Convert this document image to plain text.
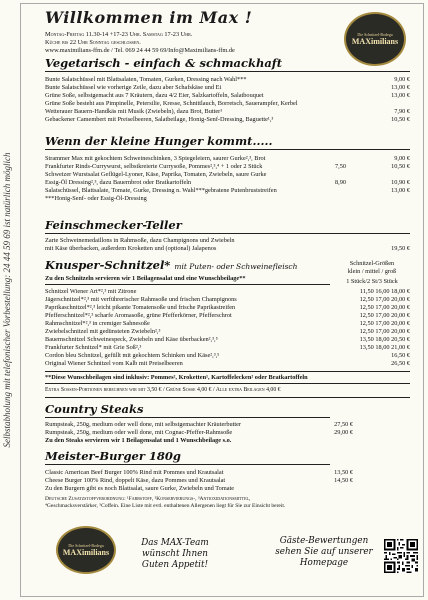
Selbstabholung mit telefonischer Vorbestellung: 24 44 59 69 ist natürlich möglich
Willkommen im Max !
Montag-Freitag 11.30-14 +17-23 Uhr. Samstag 17-23 Uhr.
Küche bis 22 Uhr Sonntag geschlossen.
www.maximilians-ffm.de / Tel. 069 24 44 59 69/Info@Maximilians-ffm.de
Die Schnitzel-Bodega
MAXimilians
Vegetarisch - einfach & schmackhaft
Bunte Salatschüssel mit Blattsalaten, Tomaten, Gurken, Dressing nach Wahl***	9,00 €
Bunte Salatschüssel wie vorherige Zeile, dazu aber Schafskäse und Ei	13,00 €
Grüne Soße, selbstgemacht aus 7 Kräutern, dazu 4/2 Eier, Salzkartoffeln, Salatbouquet	13,00 €
Grüne Soße besteht aus Pimpinelle, Petersilie, Kresse, Schnittlauch, Borretsch, Sauerampfer, Kerbel
Wetterauer Bauern-Handkäs mit Musik (Zwiebeln), dazu Brot, Butter¹	7,90 €
Gebackener Camembert mit Preiselbeeren, Salatbeilage, Honig-Senf-Dressing, Baguette¹,³	10,50 €
Wenn der kleine Hunger kommt.....
Strammer Max mit gekochtem Schweineschinken, 3 Spiegeleiern, saurer Gurke²,³, Brot	9,00 €
Frankfurter Rinds-Currywurst, selbstkreierte Currysoße, Pommes²,³,⁴ + 1 oder 2 Stück	7,50	10,50 €
Schweizer Wurstsalat Geflügel-Lyoner, Käse, Paprika, Tomaten, Zwiebeln, saure Gurke
Essig-Öl Dressing²,³, dazu Bauernbrot oder Bratkartoffeln	8,90	10,90 €
Salatschüssel, Blattsalate, Tomate, Gurke, Dressing n. Wahl***gebratene Putenbruststreifen	13,00 €
***Honig-Senf- oder Essig-Öl-Dressing
Feinschmecker-Teller
Zarte Schweinemedaillons in Rahmsoße, dazu Champignons und Zwiebeln
mit Käse überbacken, außerdem Kroketten und (optional) Jalapenos	19,50 €
Knusper-Schnitzel* mit Puten- oder Schweinefleisch	Schnitzel-Größen
klein / mittel / groß
Zu den Schnitzeln servieren wir 1 Beilagensalat und eine Wunschbeilage**	1 Stück/2 St/3 Stück
Schnitzel Wiener Art*²,³ mit Zitrone	11,50 16,00 18,00 €
Jägerschnitzel*²,³ mit verführerischer Rahmsoße und frischen Champignons	12,50 17,00 20,00 €
Paprikaschnitzel*²,³ leicht pikante Tomatensoße und frische Paprikastreifen	12,50 17,00 20,00 €
Pfefferschnitzel*²,³ scharfe Aromasoße, grüne Pfefferkörner, Pfefferschrot	12,50 17,00 20,00 €
Rahmschnitzel*²,³ in cremiger Sahnesoße	12,50 17,00 20,00 €
Zwiebelschnitzel mit gedünsteten Zwiebeln²,³	12,50 17,00 20,00 €
Bauernschnitzel Schweinespeck, Zwiebeln und Käse überbacken²,³,⁵	13,50 18,00 20,50 €
Frankfurter Schnitzel* mit Grie Soß²,³	13,50 18,00 21,00 €
Cordon bleu Schnitzel, gefüllt mit gekochtem Schinken und Käse²,³,⁵	16,50 €
Original Wiener Schnitzel vom Kalb mit Preiselbeeren	26,50 €
**Diese Wunschbeilagen sind inklusiv: Pommes², Kroketten¹, Kartoffelecken² oder Bratkartoffeln
Extra Soßen-Portionen berechnen wir mit 3,50 € / Grüne Soße 4,00 € / Alle extra Beilagen 4,00 €
Country Steaks
Rumpsteak, 250g, medium oder well done, mit selbstgemachter Kräuterbutter	27,50 €
Rumpsteak, 250g, medium oder well done, mit Cognac-Pfeffer-Rahmsoße	29,00 €
Zu den Steaks servieren wir 1 Beilagensalat und 1 Wunschbeilage s.o.
Meister-Burger 180g
Classic American Beef Burger 100% Rind mit Pommes und Krautsalat	13,50 €
Cheese Burger 100% Rind, doppelt Käse, dazu Pommes und Krautsalat	14,50 €
Zu den Burgern gibt es noch Blattsalat, saure Gurke, Zwiebeln und Tomate
Deutsche Zusatzstoffverordnung: ¹Farbstoff, ²Konservierungs-, ³Antioxidationsmittel,
⁴Geschmacksverstärker, ⁵Coffein. Eine Liste mit evtl. enthaltenen Allergenen liegt für Sie zur Einsicht bereit.
Die Schnitzel-Bodega
MAXimilians
Das MAX-Team
wünscht Ihnen
Guten Appetit!
Gäste-Bewertungen
sehen Sie auf unserer
Homepage
